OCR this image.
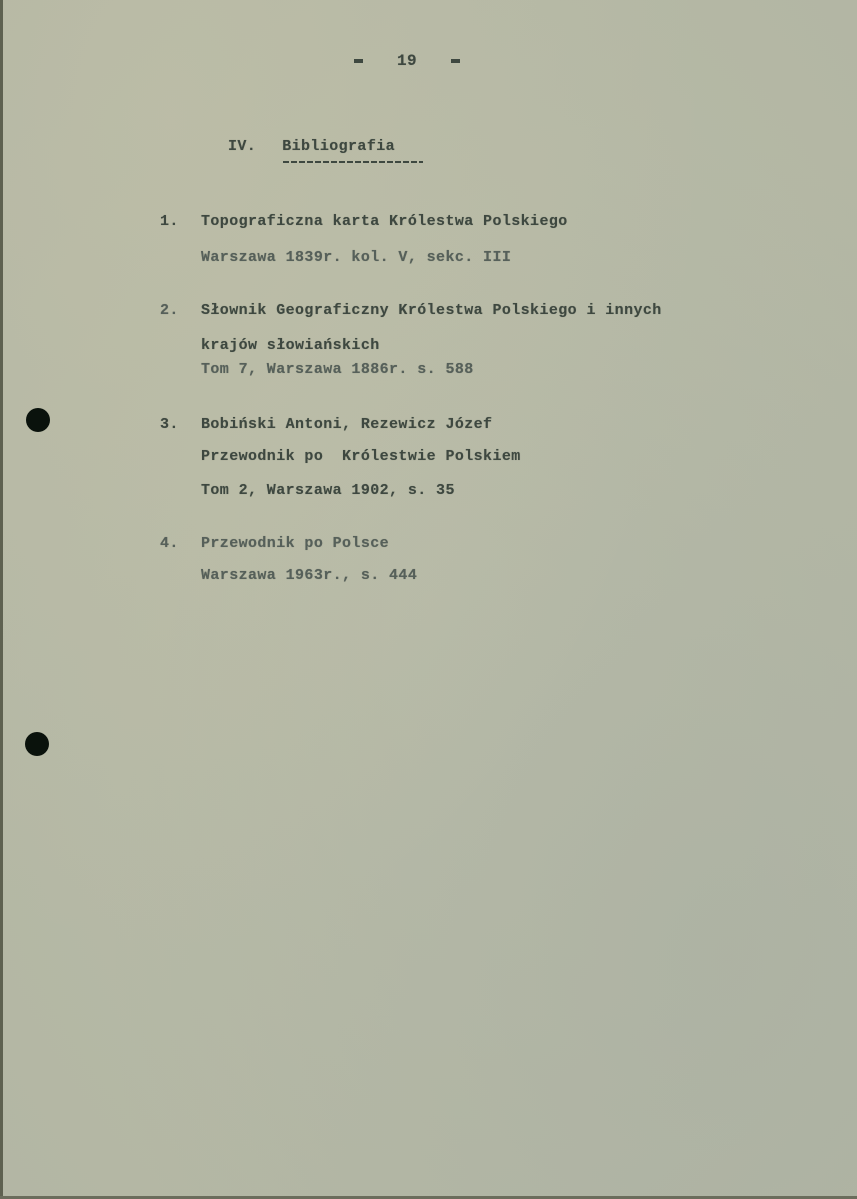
19

IV. Bibliografia
1. Topograficzna karta Królestwa Polskiego
Warszawa 1839r. kol. V, sekc. III
2. Słownik Geograficzny Królestwa Polskiego i innych
krajów słowiańskich
Tom 7, Warszawa 1886r. s. 588
3. Bobiński Antoni, Rezewicz Józef
Przewodnik po  Królestwie Polskiem
Tom 2, Warszawa 1902, s. 35
4. Przewodnik po Polsce
Warszawa 1963r., s. 444
